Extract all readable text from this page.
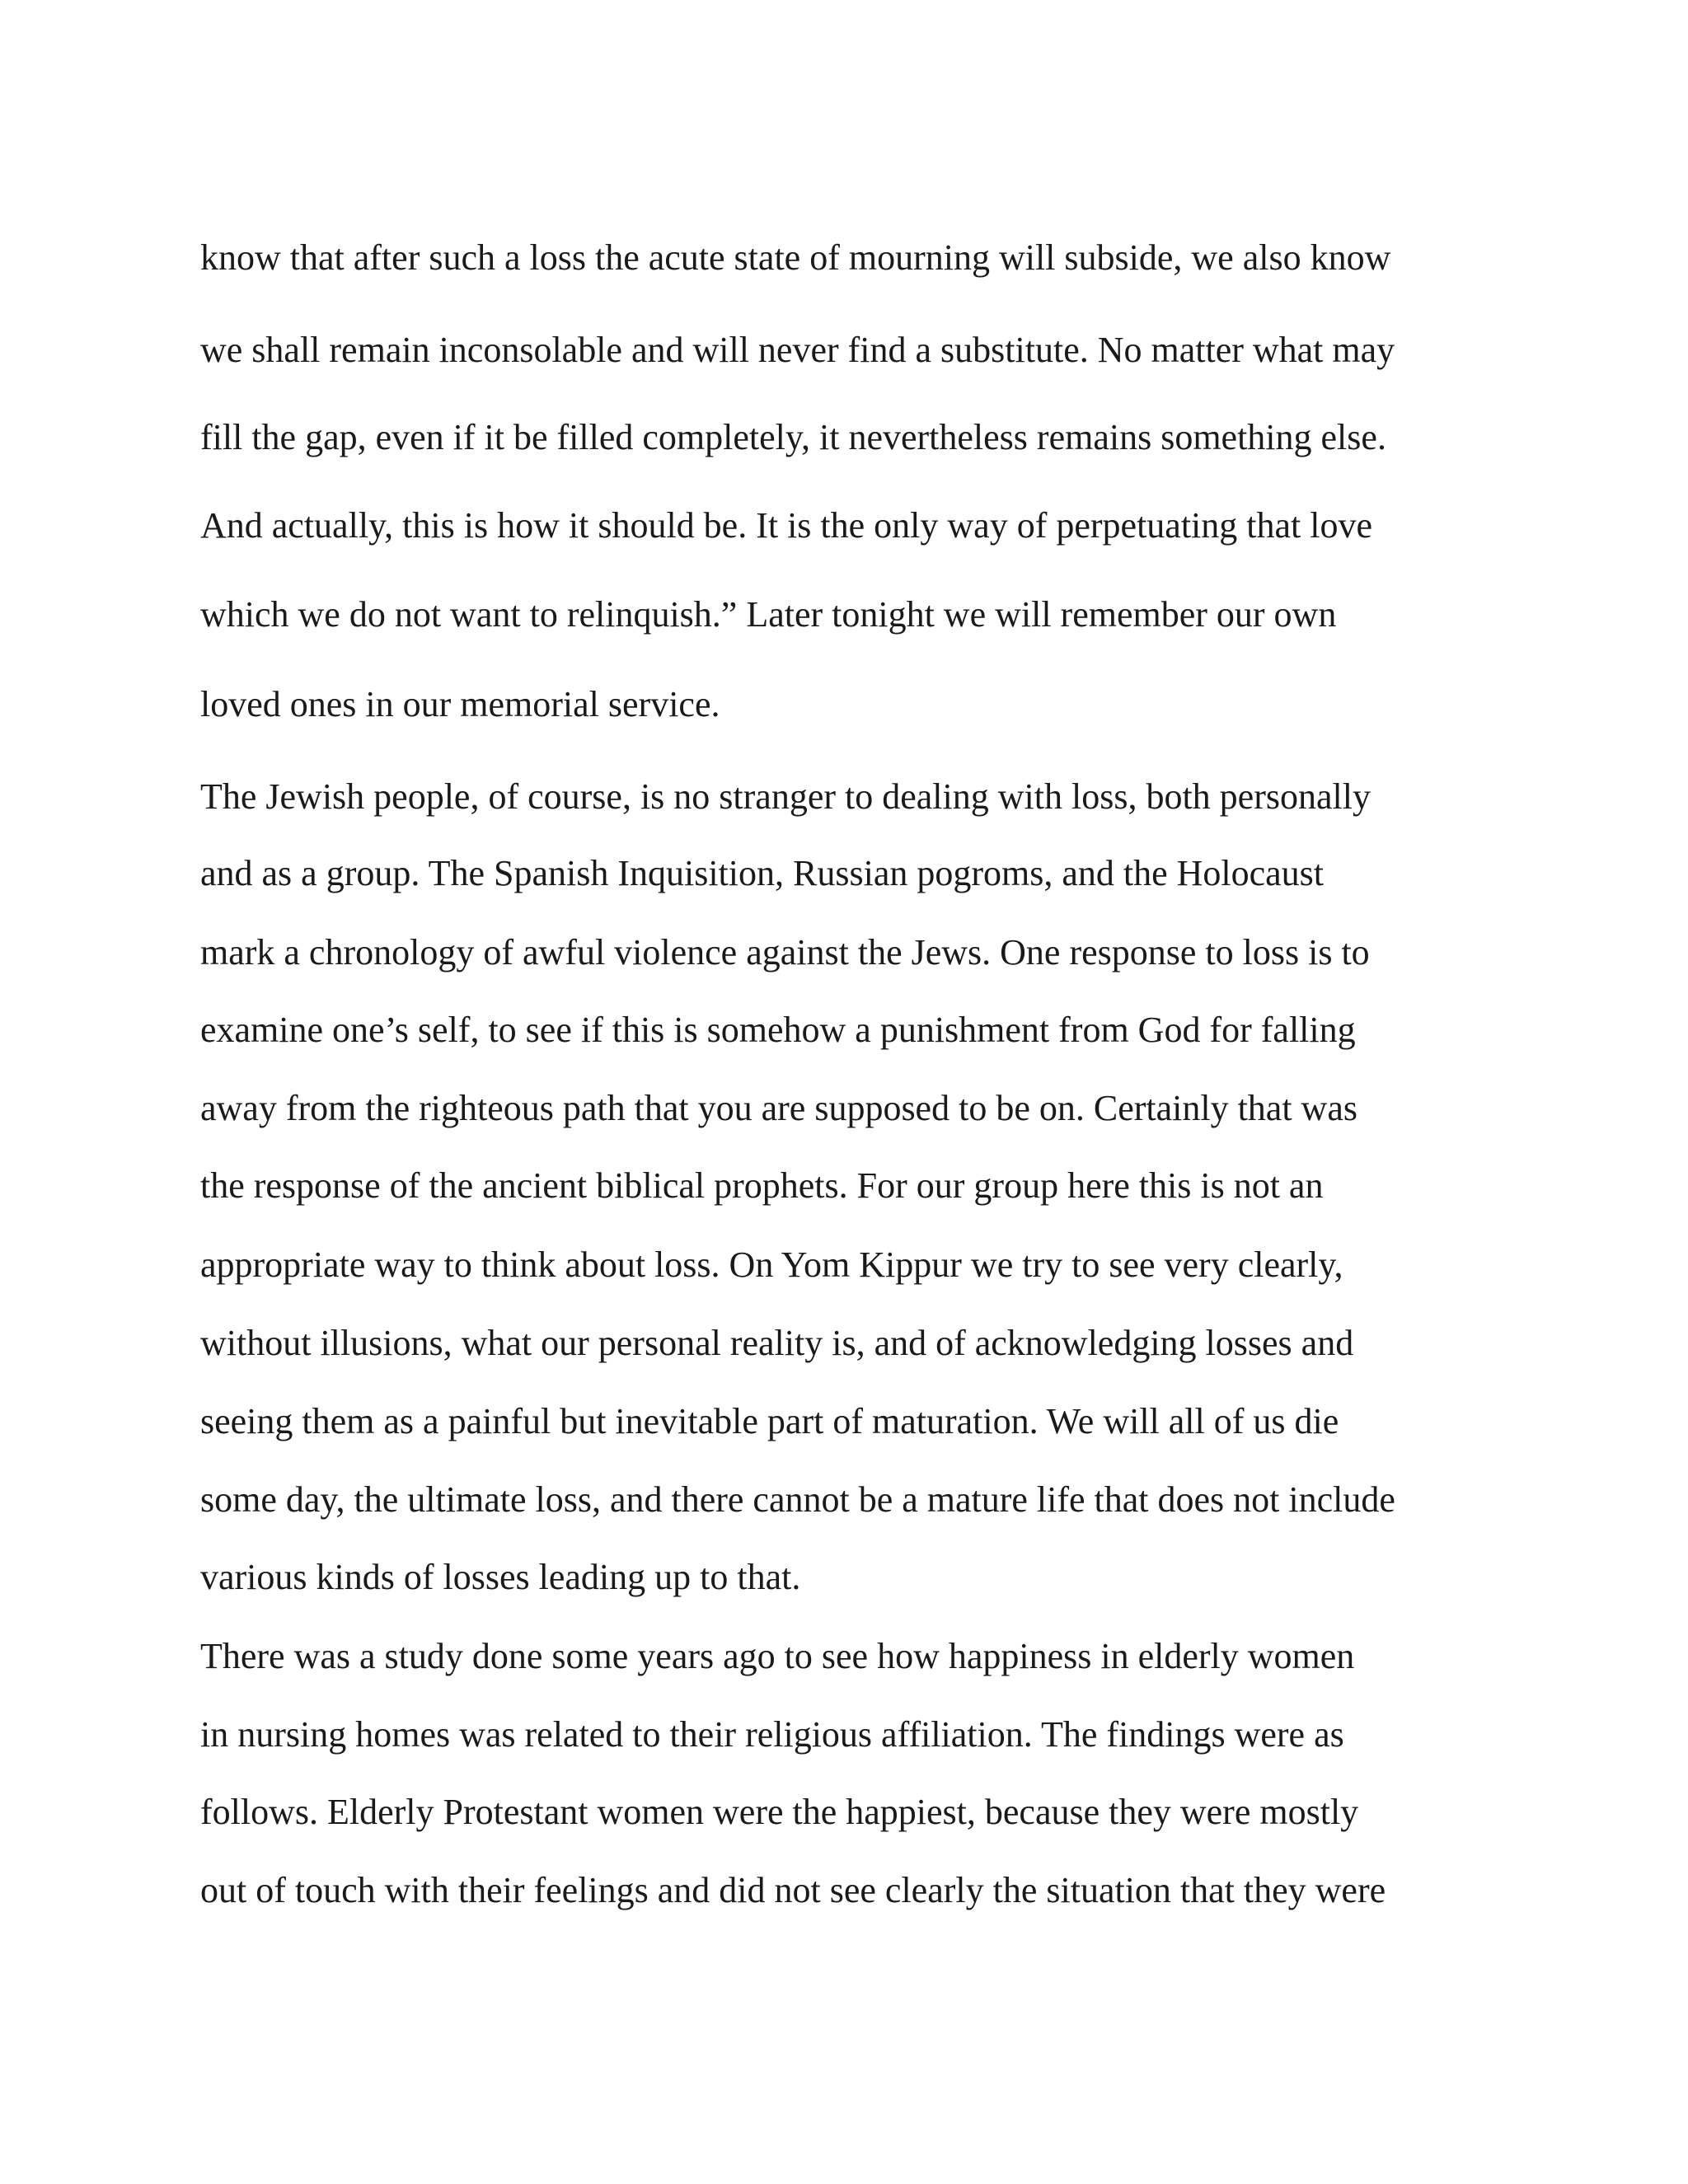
know that after such a loss the acute state of mourning will subside, we also know

we shall remain inconsolable and will never find a substitute. No matter what may

fill the gap, even if it be filled completely, it nevertheless remains something else.

And actually, this is how it should be. It is the only way of perpetuating that love

which we do not want to relinquish.” Later tonight we will remember our own

loved ones in our memorial service.

The Jewish people, of course, is no stranger to dealing with loss, both personally

and as a group. The Spanish Inquisition, Russian pogroms, and the Holocaust

mark a chronology of awful violence against the Jews. One response to loss is to

examine one’s self, to see if this is somehow a punishment from God for falling

away from the righteous path that you are supposed to be on. Certainly that was

the response of the ancient biblical prophets. For our group here this is not an

appropriate way to think about loss. On Yom Kippur we try to see very clearly,

without illusions, what our personal reality is, and of acknowledging losses and

seeing them as a painful but inevitable part of maturation. We will all of us die

some day, the ultimate loss, and there cannot be a mature life that does not include

various kinds of losses leading up to that.

There was a study done some years ago to see how happiness in elderly women

in nursing homes was related to their religious affiliation. The findings were as

follows. Elderly Protestant women were the happiest, because they were mostly

out of touch with their feelings and did not see clearly the situation that they were
